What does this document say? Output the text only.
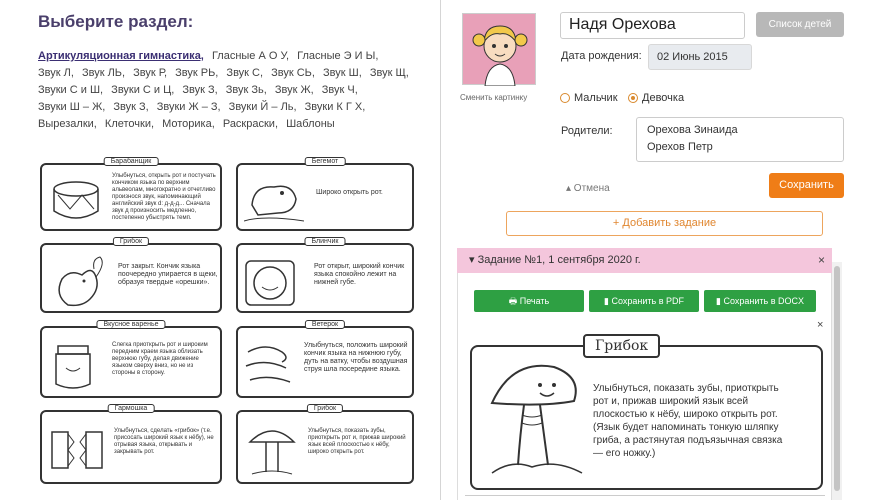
Выберите раздел:
Артикуляционная гимнастика, Гласные А О У, Гласные Э И Ы, Звук Л, Звук ЛЬ, Звук Р, Звук РЬ, Звук С, Звук СЬ, Звук Ш, Звук Щ, Звуки С и Ш, Звуки С и Ц, Звук З, Звук Зь, Звук Ж, Звук Ч, Звуки Ш – Ж, Звук З, Звуки Ж – З, Звуки Й – Ль, Звуки К Г Х, Вырезалки, Клеточки, Моторика, Раскраски, Шаблоны
Барабанщик
Улыбнуться, открыть рот и постучать кончиком языка по верхним альвеолам, многократно и отчетливо произнося звук, напоминающий английский звук d: д-д-д... Сначала звук д произносить медленно, постепенно убыстрять темп.
Бегемот
Широко открыть рот.
Грибок
Рот закрыт. Кончик языка поочередно упирается в щеки, образуя твердые «орешки».
Блинчик
Рот открыт, широкий кончик языка спокойно лежит на нижней губе.
Вкусное варенье
Слегка приоткрыть рот и широким передним краем языка облизать верхнюю губу, делая движение языком сверху вниз, но не из стороны в сторону.
Ветерок
Улыбнуться, положить широкий кончик языка на нижнюю губу, дуть на ватку, чтобы воздушная струя шла посередине языка.
Гармошка
Улыбнуться, сделать «грибок» (т.е. присосать широкий язык к нёбу), не отрывая языка, открывать и закрывать рот.
Грибок
Улыбнуться, показать зубы, приоткрыть рот и, прижав широкий язык всей плоскостью к нёбу, широко открыть рот.
Сменить картинку
Надя Орехова	Список детей
Дата рождения:	02 Июнь 2015
Мальчик Девочка
Родители:	Орехова Зинаида
Орехов Петр
▴ Отмена	Сохранить
+ Добавить задание
▾ Задание №1, 1 сентября 2020 г.	×
🖶 Печать	▮ Сохранить в PDF	▮ Сохранить в DOCX
×
Грибок
Улыбнуться, показать зубы, приоткрыть рот и, прижав широкий язык всей плоскостью к нёбу, широко открыть рот. (Язык будет напоминать тонкую шляпку гриба, а растянутая подъязычная связка — его ножку.)
